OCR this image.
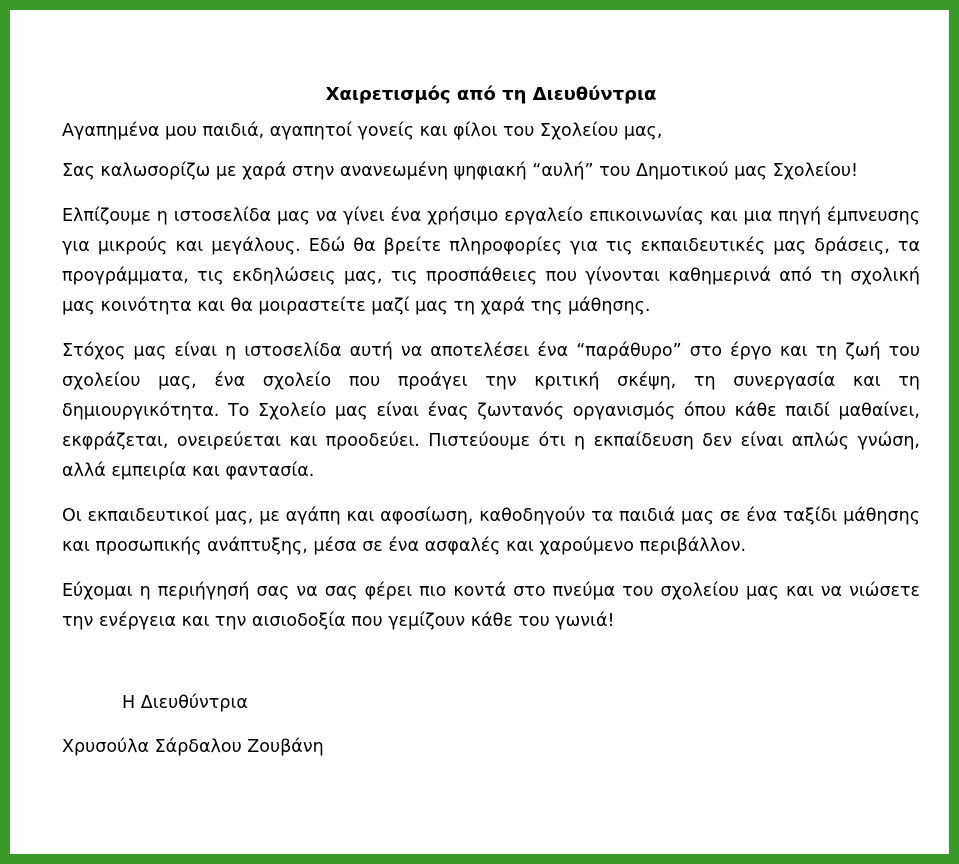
Χαιρετισμός από τη Διευθύντρια

Αγαπημένα μου παιδιά, αγαπητοί γονείς και φίλοι του Σχολείου μας,

Σας καλωσορίζω με χαρά στην ανανεωμένη ψηφιακή “αυλή” του Δημοτικού μας Σχολείου!

Ελπίζουμε η ιστοσελίδα μας να γίνει ένα χρήσιμο εργαλείο επικοινωνίας και μια πηγή έμπνευσης για μικρούς και μεγάλους. Εδώ θα βρείτε πληροφορίες για τις εκπαιδευτικές μας δράσεις, τα προγράμματα, τις εκδηλώσεις μας, τις προσπάθειες που γίνονται καθημερινά από τη σχολική μας κοινότητα και θα μοιραστείτε μαζί μας τη χαρά της μάθησης.

Στόχος μας είναι η ιστοσελίδα αυτή να αποτελέσει ένα “παράθυρο” στο έργο και τη ζωή του σχολείου μας, ένα σχολείο που προάγει την κριτική σκέψη, τη συνεργασία και τη δημιουργικότητα. Το Σχολείο μας είναι ένας ζωντανός οργανισμός όπου κάθε παιδί μαθαίνει, εκφράζεται, ονειρεύεται και προοδεύει. Πιστεύουμε ότι η εκπαίδευση δεν είναι απλώς γνώση, αλλά εμπειρία και φαντασία.

Οι εκπαιδευτικοί μας, με αγάπη και αφοσίωση, καθοδηγούν τα παιδιά μας σε ένα ταξίδι μάθησης και προσωπικής ανάπτυξης, μέσα σε ένα ασφαλές και χαρούμενο περιβάλλον.

Εύχομαι η περιήγησή σας να σας φέρει πιο κοντά στο πνεύμα του σχολείου μας και να νιώσετε την ενέργεια και την αισιοδοξία που γεμίζουν κάθε του γωνιά!

Η Διευθύντρια

Χρυσούλα Σάρδαλου Ζουβάνη
